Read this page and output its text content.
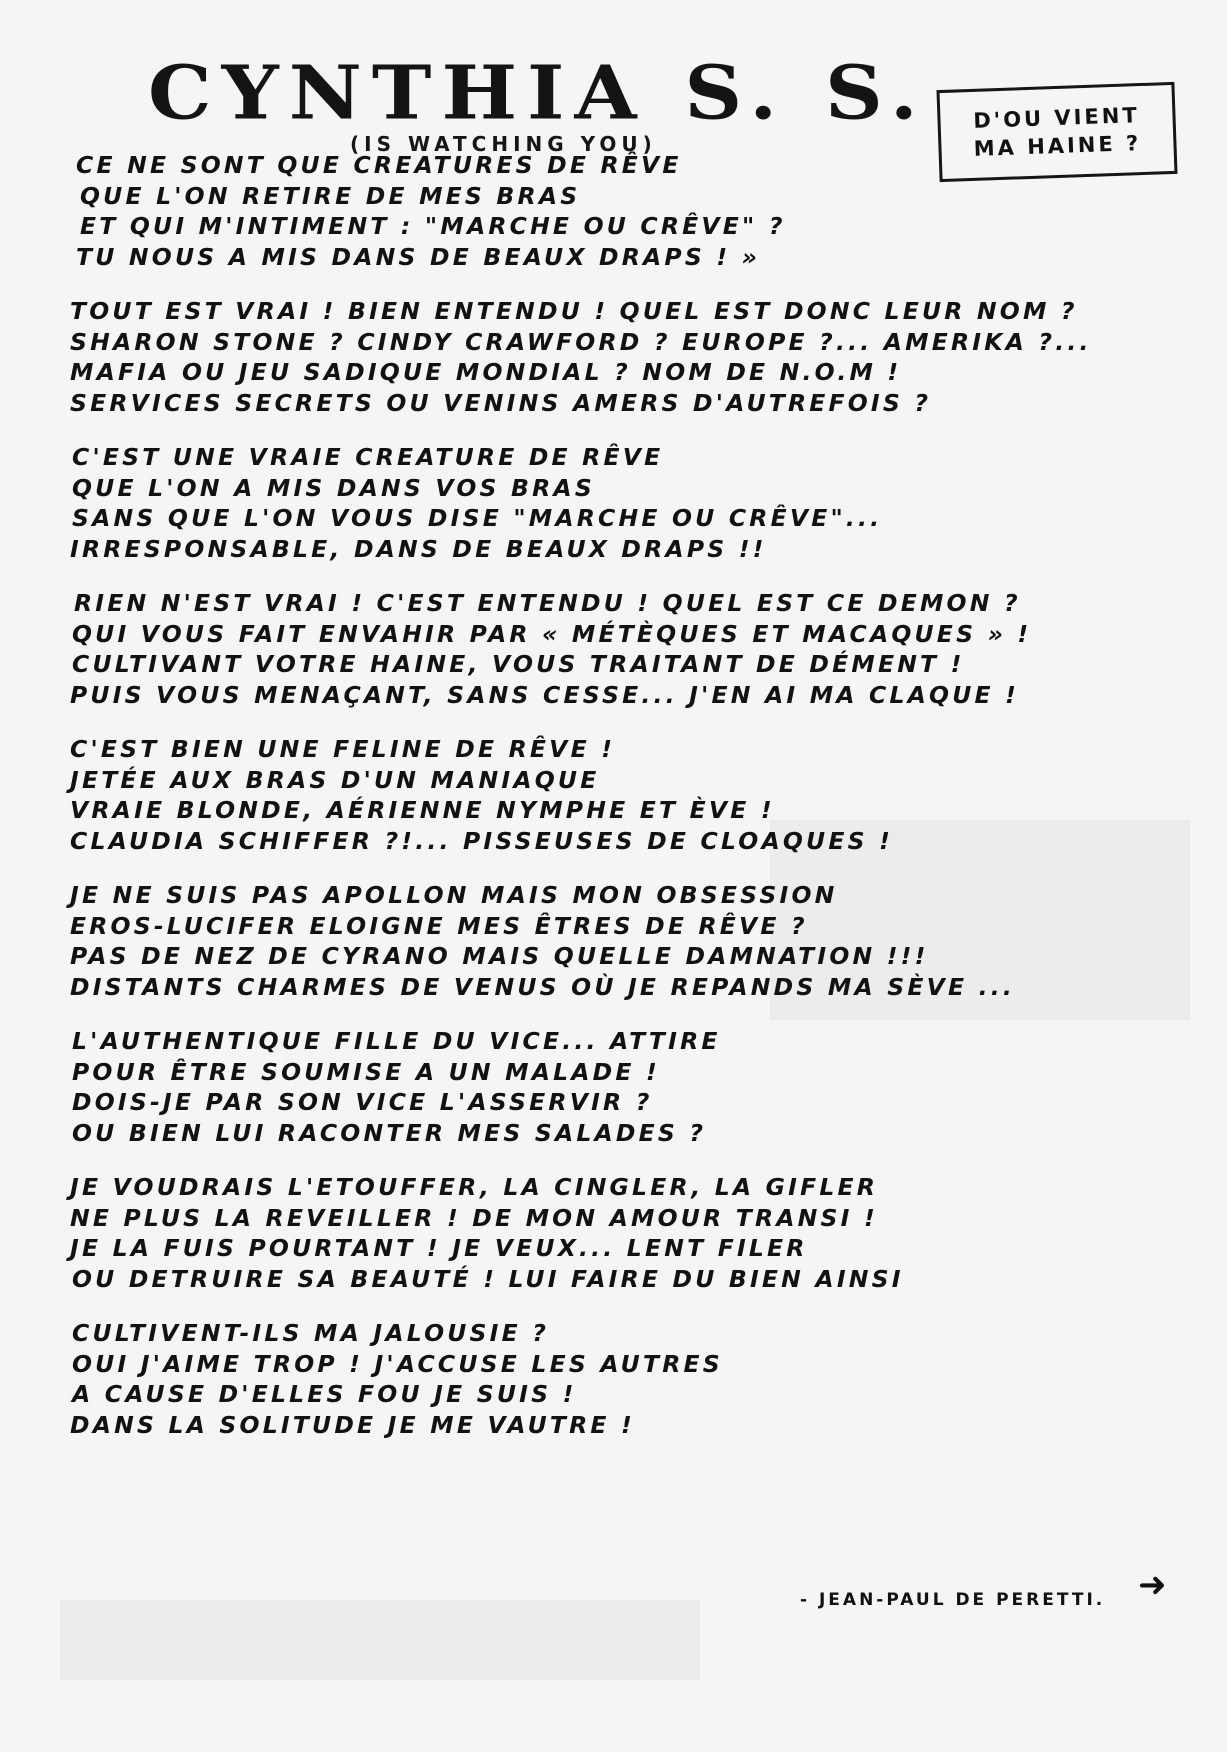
CYNTHIA S. S.
(IS WATCHING YOU)
D'OU VIENT
MA HAINE ?
CE NE SONT QUE CREATURES DE RÊVE
QUE L'ON RETIRE DE MES BRAS
ET QUI M'INTIMENT : "MARCHE OU CRÊVE" ?
TU NOUS A MIS DANS DE BEAUX DRAPS ! »
TOUT EST VRAI ! BIEN ENTENDU ! QUEL EST DONC LEUR NOM ?
SHARON STONE ? CINDY CRAWFORD ? EUROPE ?... AMERIKA ?...
MAFIA OU JEU SADIQUE MONDIAL ? NOM DE N.O.M !
SERVICES SECRETS OU VENINS AMERS D'AUTREFOIS ?
C'EST UNE VRAIE CREATURE DE RÊVE
QUE L'ON A MIS DANS VOS BRAS
SANS QUE L'ON VOUS DISE "MARCHE OU CRÊVE"...
IRRESPONSABLE, DANS DE BEAUX DRAPS !!
RIEN N'EST VRAI ! C'EST ENTENDU ! QUEL EST CE DEMON ?
QUI VOUS FAIT ENVAHIR PAR « MÉTÈQUES ET MACAQUES » !
CULTIVANT VOTRE HAINE, VOUS TRAITANT DE DÉMENT !
PUIS VOUS MENAÇANT, SANS CESSE... J'EN AI MA CLAQUE !
C'EST BIEN UNE FELINE DE RÊVE !
JETÉE AUX BRAS D'UN MANIAQUE
VRAIE BLONDE, AÉRIENNE NYMPHE ET ÈVE !
CLAUDIA SCHIFFER ?!... PISSEUSES DE CLOAQUES !
JE NE SUIS PAS APOLLON MAIS MON OBSESSION
EROS-LUCIFER ELOIGNE MES ÊTRES DE RÊVE ?
PAS DE NEZ DE CYRANO MAIS QUELLE DAMNATION !!!
DISTANTS CHARMES DE VENUS OÙ JE REPANDS MA SÈVE ...
L'AUTHENTIQUE FILLE DU VICE... ATTIRE
POUR ÊTRE SOUMISE A UN MALADE !
DOIS-JE PAR SON VICE L'ASSERVIR ?
OU BIEN LUI RACONTER MES SALADES ?
JE VOUDRAIS L'ETOUFFER, LA CINGLER, LA GIFLER
NE PLUS LA REVEILLER ! DE MON AMOUR TRANSI !
JE LA FUIS POURTANT ! JE VEUX... LENT FILER
OU DETRUIRE SA BEAUTÉ ! LUI FAIRE DU BIEN AINSI
CULTIVENT-ILS MA JALOUSIE ?
OUI J'AIME TROP ! J'ACCUSE LES AUTRES
A CAUSE D'ELLES FOU JE SUIS !
DANS LA SOLITUDE JE ME VAUTRE !
➜
- JEAN-PAUL DE PERETTI.
